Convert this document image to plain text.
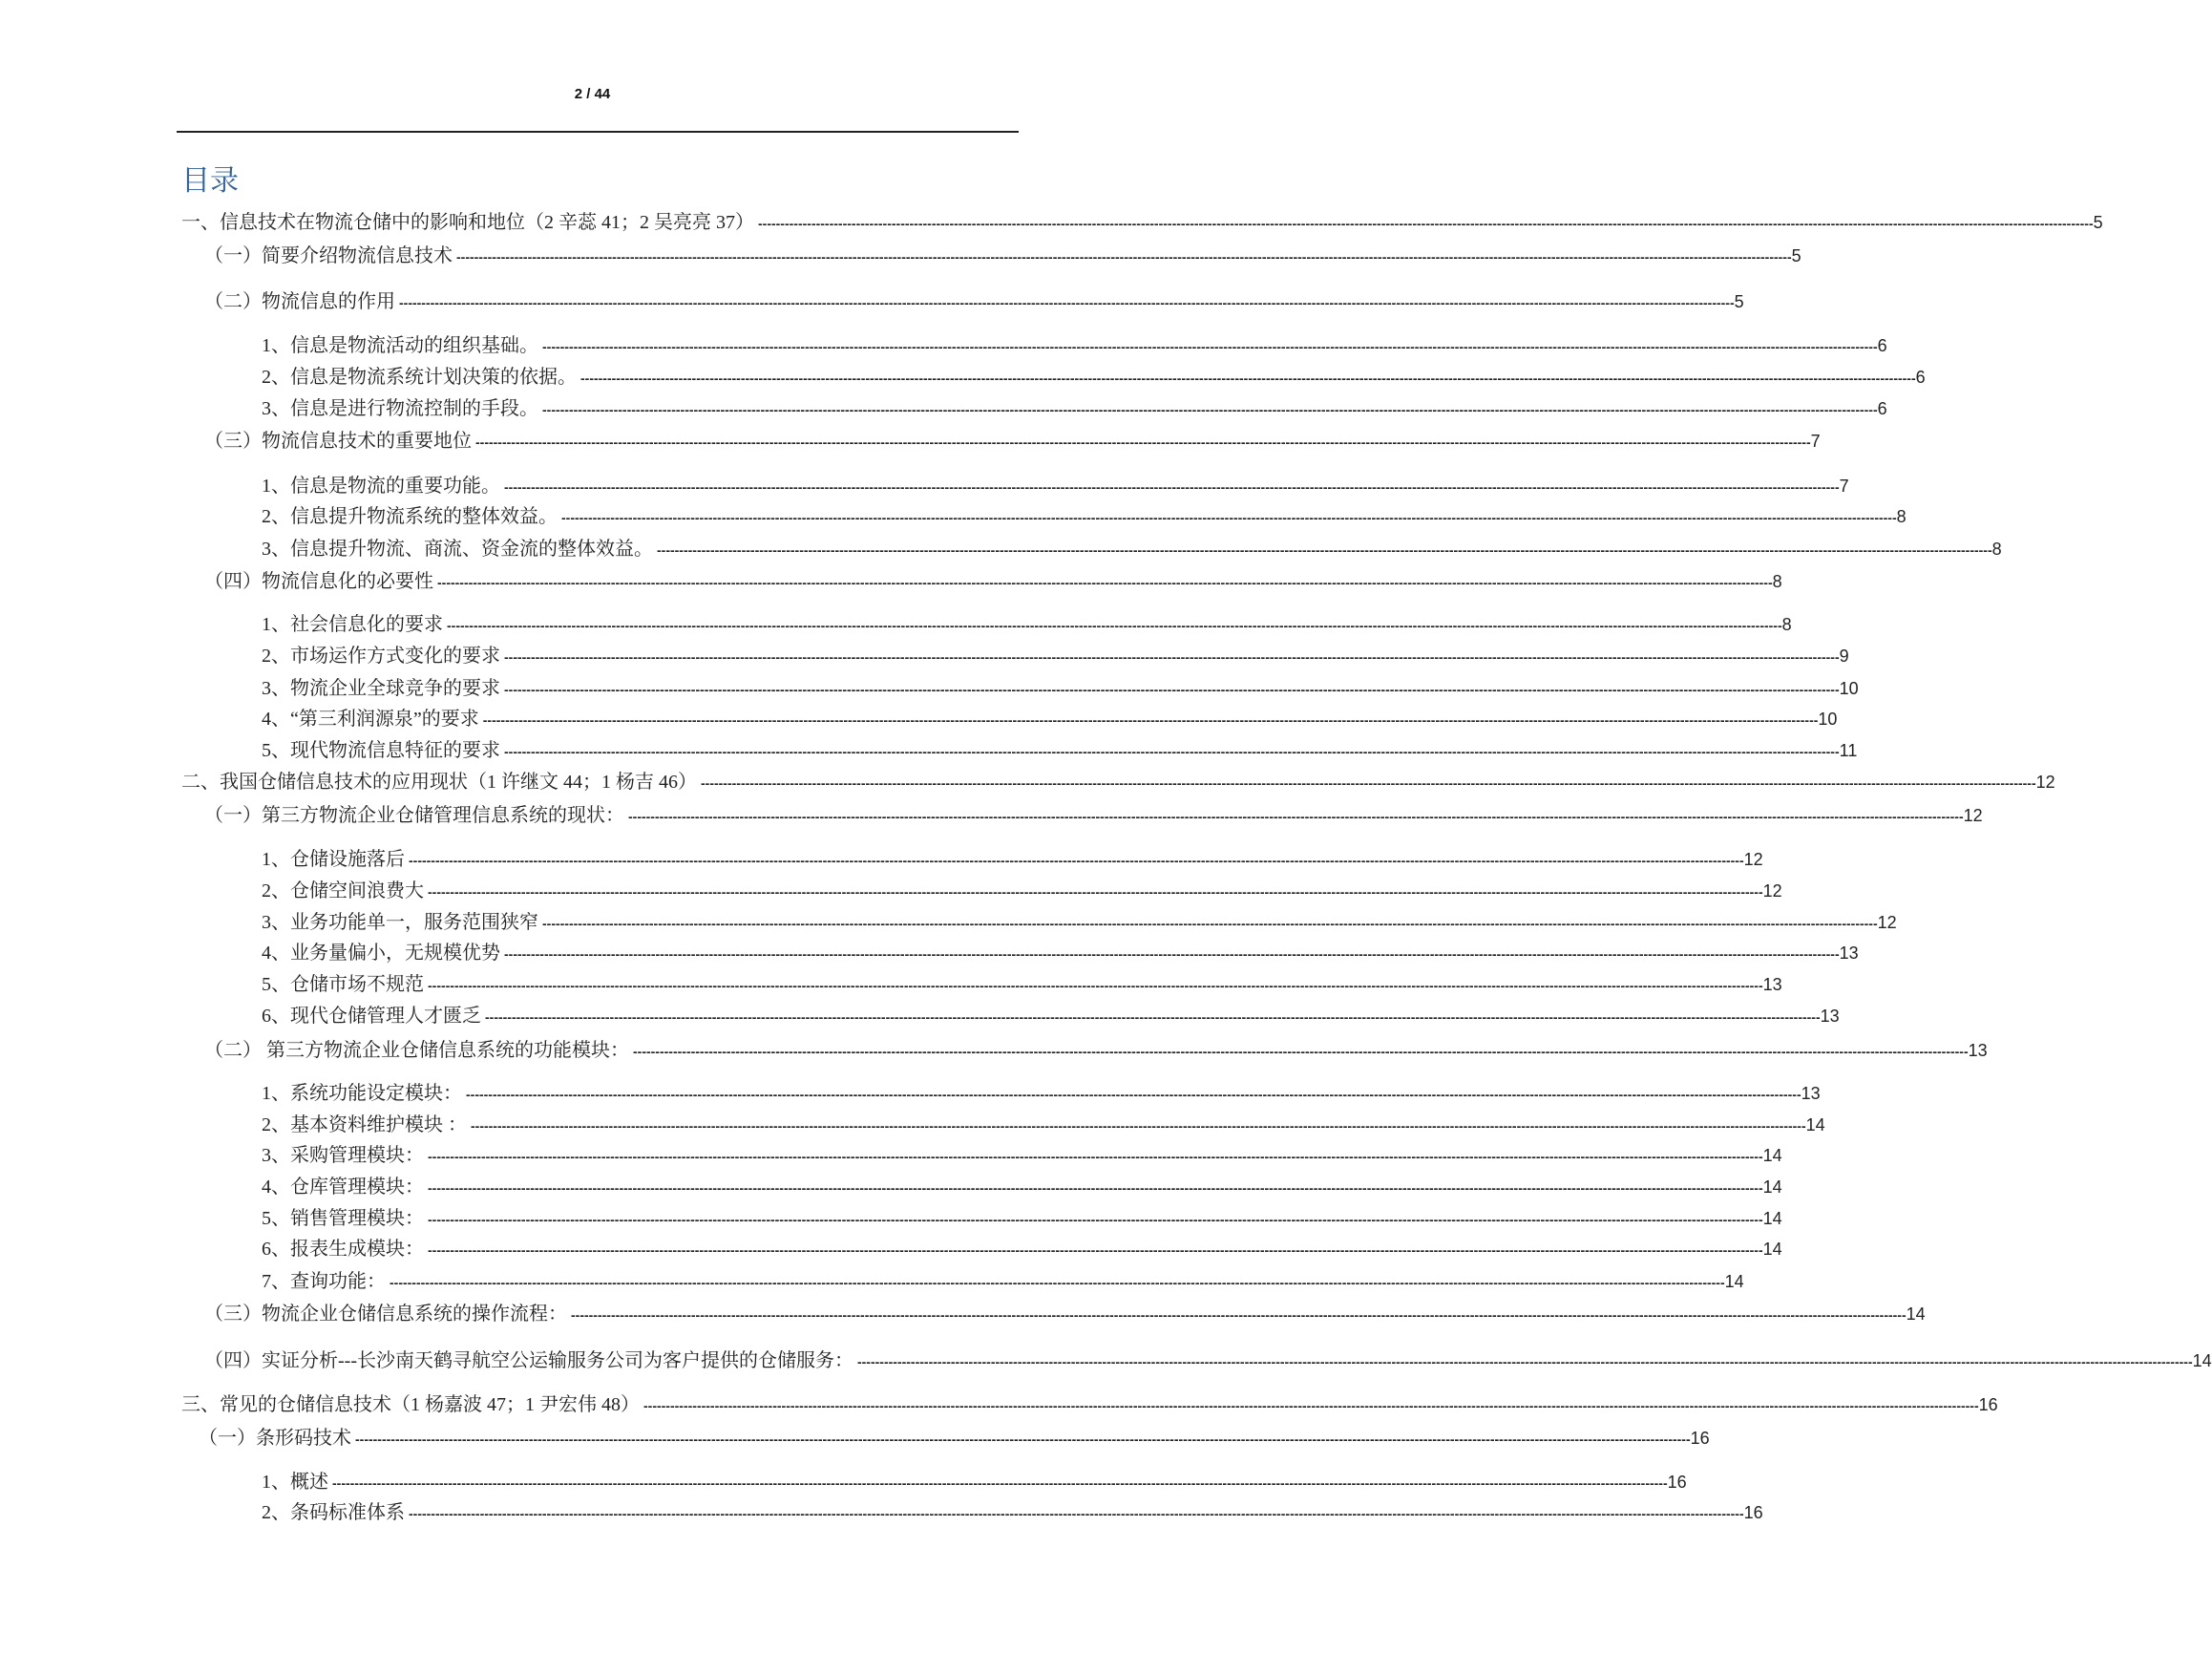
2 / 44
目录
一、信息技术在物流仓储中的影响和地位（2 辛蕊 41；2 吴亮亮 37） ------------------------------------------------------------------------------------------------------------------------------------------------------------------------------------------------------------------------------------------------------------------------------------------------------------ 5
（一）简要介绍物流信息技术 ------------------------------------------------------------------------------------------------------------------------------------------------------------------------------------------------------------------------------------------------------------------------------------------------------------ 5
（二）物流信息的作用 ------------------------------------------------------------------------------------------------------------------------------------------------------------------------------------------------------------------------------------------------------------------------------------------------------------ 5
1、信息是物流活动的组织基础。 ------------------------------------------------------------------------------------------------------------------------------------------------------------------------------------------------------------------------------------------------------------------------------------------------------------ 6
2、信息是物流系统计划决策的依据。 ------------------------------------------------------------------------------------------------------------------------------------------------------------------------------------------------------------------------------------------------------------------------------------------------------------ 6
3、信息是进行物流控制的手段。 ------------------------------------------------------------------------------------------------------------------------------------------------------------------------------------------------------------------------------------------------------------------------------------------------------------ 6
（三）物流信息技术的重要地位 ------------------------------------------------------------------------------------------------------------------------------------------------------------------------------------------------------------------------------------------------------------------------------------------------------------ 7
1、信息是物流的重要功能。 ------------------------------------------------------------------------------------------------------------------------------------------------------------------------------------------------------------------------------------------------------------------------------------------------------------ 7
2、信息提升物流系统的整体效益。 ------------------------------------------------------------------------------------------------------------------------------------------------------------------------------------------------------------------------------------------------------------------------------------------------------------ 8
3、信息提升物流、商流、资金流的整体效益。 ------------------------------------------------------------------------------------------------------------------------------------------------------------------------------------------------------------------------------------------------------------------------------------------------------------ 8
（四）物流信息化的必要性 ------------------------------------------------------------------------------------------------------------------------------------------------------------------------------------------------------------------------------------------------------------------------------------------------------------ 8
1、社会信息化的要求 ------------------------------------------------------------------------------------------------------------------------------------------------------------------------------------------------------------------------------------------------------------------------------------------------------------ 8
2、市场运作方式变化的要求 ------------------------------------------------------------------------------------------------------------------------------------------------------------------------------------------------------------------------------------------------------------------------------------------------------------ 9
3、物流企业全球竞争的要求 ------------------------------------------------------------------------------------------------------------------------------------------------------------------------------------------------------------------------------------------------------------------------------------------------------------ 10
4、“第三利润源泉”的要求 ------------------------------------------------------------------------------------------------------------------------------------------------------------------------------------------------------------------------------------------------------------------------------------------------------------ 10
5、现代物流信息特征的要求 ------------------------------------------------------------------------------------------------------------------------------------------------------------------------------------------------------------------------------------------------------------------------------------------------------------ 11
二、我国仓储信息技术的应用现状（1 许继文 44；1 杨吉 46） ------------------------------------------------------------------------------------------------------------------------------------------------------------------------------------------------------------------------------------------------------------------------------------------------------------ 12
（一）第三方物流企业仓储管理信息系统的现状： ------------------------------------------------------------------------------------------------------------------------------------------------------------------------------------------------------------------------------------------------------------------------------------------------------------ 12
1、仓储设施落后 ------------------------------------------------------------------------------------------------------------------------------------------------------------------------------------------------------------------------------------------------------------------------------------------------------------ 12
2、仓储空间浪费大 ------------------------------------------------------------------------------------------------------------------------------------------------------------------------------------------------------------------------------------------------------------------------------------------------------------ 12
3、业务功能单一，服务范围狭窄 ------------------------------------------------------------------------------------------------------------------------------------------------------------------------------------------------------------------------------------------------------------------------------------------------------------ 12
4、业务量偏小，无规模优势 ------------------------------------------------------------------------------------------------------------------------------------------------------------------------------------------------------------------------------------------------------------------------------------------------------------ 13
5、仓储市场不规范 ------------------------------------------------------------------------------------------------------------------------------------------------------------------------------------------------------------------------------------------------------------------------------------------------------------ 13
6、现代仓储管理人才匮乏 ------------------------------------------------------------------------------------------------------------------------------------------------------------------------------------------------------------------------------------------------------------------------------------------------------------ 13
（二） 第三方物流企业仓储信息系统的功能模块： ------------------------------------------------------------------------------------------------------------------------------------------------------------------------------------------------------------------------------------------------------------------------------------------------------------ 13
1、系统功能设定模块： ------------------------------------------------------------------------------------------------------------------------------------------------------------------------------------------------------------------------------------------------------------------------------------------------------------ 13
2、基本资料维护模块 ： ------------------------------------------------------------------------------------------------------------------------------------------------------------------------------------------------------------------------------------------------------------------------------------------------------------ 14
3、采购管理模块： ------------------------------------------------------------------------------------------------------------------------------------------------------------------------------------------------------------------------------------------------------------------------------------------------------------ 14
4、仓库管理模块： ------------------------------------------------------------------------------------------------------------------------------------------------------------------------------------------------------------------------------------------------------------------------------------------------------------ 14
5、销售管理模块： ------------------------------------------------------------------------------------------------------------------------------------------------------------------------------------------------------------------------------------------------------------------------------------------------------------ 14
6、报表生成模块： ------------------------------------------------------------------------------------------------------------------------------------------------------------------------------------------------------------------------------------------------------------------------------------------------------------ 14
7、查询功能： ------------------------------------------------------------------------------------------------------------------------------------------------------------------------------------------------------------------------------------------------------------------------------------------------------------ 14
（三）物流企业仓储信息系统的操作流程： ------------------------------------------------------------------------------------------------------------------------------------------------------------------------------------------------------------------------------------------------------------------------------------------------------------ 14
（四）实证分析---长沙南天鹤寻航空公运输服务公司为客户提供的仓储服务： ------------------------------------------------------------------------------------------------------------------------------------------------------------------------------------------------------------------------------------------------------------------------------------------------------------ 14
三、常见的仓储信息技术（1 杨嘉波 47；1 尹宏伟 48） ------------------------------------------------------------------------------------------------------------------------------------------------------------------------------------------------------------------------------------------------------------------------------------------------------------ 16
（一）条形码技术 ------------------------------------------------------------------------------------------------------------------------------------------------------------------------------------------------------------------------------------------------------------------------------------------------------------ 16
1、概述 ------------------------------------------------------------------------------------------------------------------------------------------------------------------------------------------------------------------------------------------------------------------------------------------------------------ 16
2、条码标准体系 ------------------------------------------------------------------------------------------------------------------------------------------------------------------------------------------------------------------------------------------------------------------------------------------------------------ 16
